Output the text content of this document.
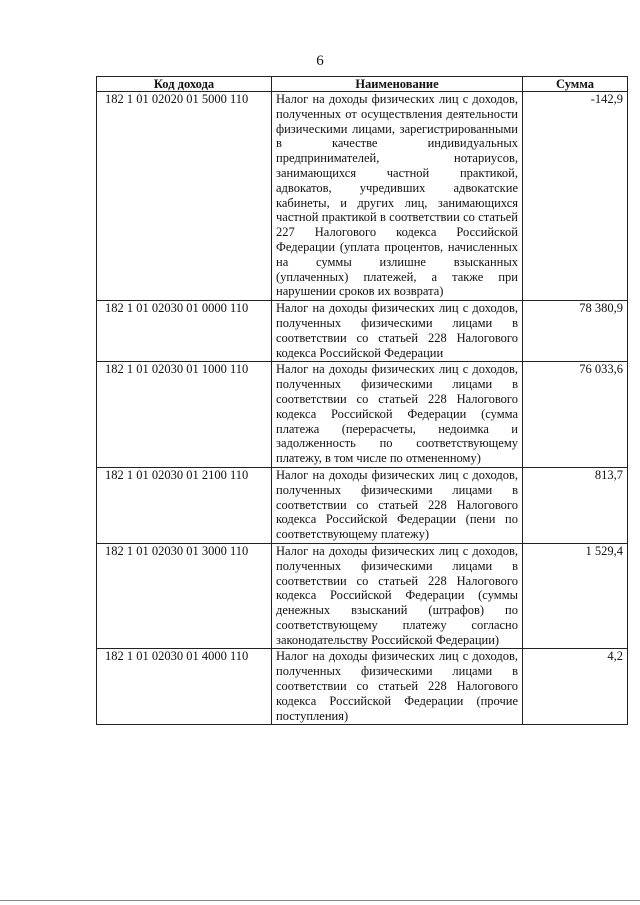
6
Код дохода	Наименование	Сумма
182 1 01 02020 01 5000 110	Налог на доходы физических лиц с доходов, полученных от осуществления деятельности физическими лицами, зарегистрированными в качестве индивидуальных предпринимателей, нотариусов, занимающихся частной практикой, адвокатов, учредивших адвокатские кабинеты, и других лиц, занимающихся частной практикой в соответствии со статьей 227 Налогового кодекса Российской Федерации (уплата процентов, начисленных на суммы излишне взысканных (уплаченных) платежей, а также при нарушении сроков их возврата)	-142,9
182 1 01 02030 01 0000 110	Налог на доходы физических лиц с доходов, полученных физическими лицами в соответствии со статьей 228 Налогового кодекса Российской Федерации	78 380,9
182 1 01 02030 01 1000 110	Налог на доходы физических лиц с доходов, полученных физическими лицами в соответствии со статьей 228 Налогового кодекса Российской Федерации (сумма платежа (перерасчеты, недоимка и задолженность по соответствующему платежу, в том числе по отмененному)	76 033,6
182 1 01 02030 01 2100 110	Налог на доходы физических лиц с доходов, полученных физическими лицами в соответствии со статьей 228 Налогового кодекса Российской Федерации (пени по соответствующему платежу)	813,7
182 1 01 02030 01 3000 110	Налог на доходы физических лиц с доходов, полученных физическими лицами в соответствии со статьей 228 Налогового кодекса Российской Федерации (суммы денежных взысканий (штрафов) по соответствующему платежу согласно законодательству Российской Федерации)	1 529,4
182 1 01 02030 01 4000 110	Налог на доходы физических лиц с доходов, полученных физическими лицами в соответствии со статьей 228 Налогового кодекса Российской Федерации (прочие поступления)	4,2
